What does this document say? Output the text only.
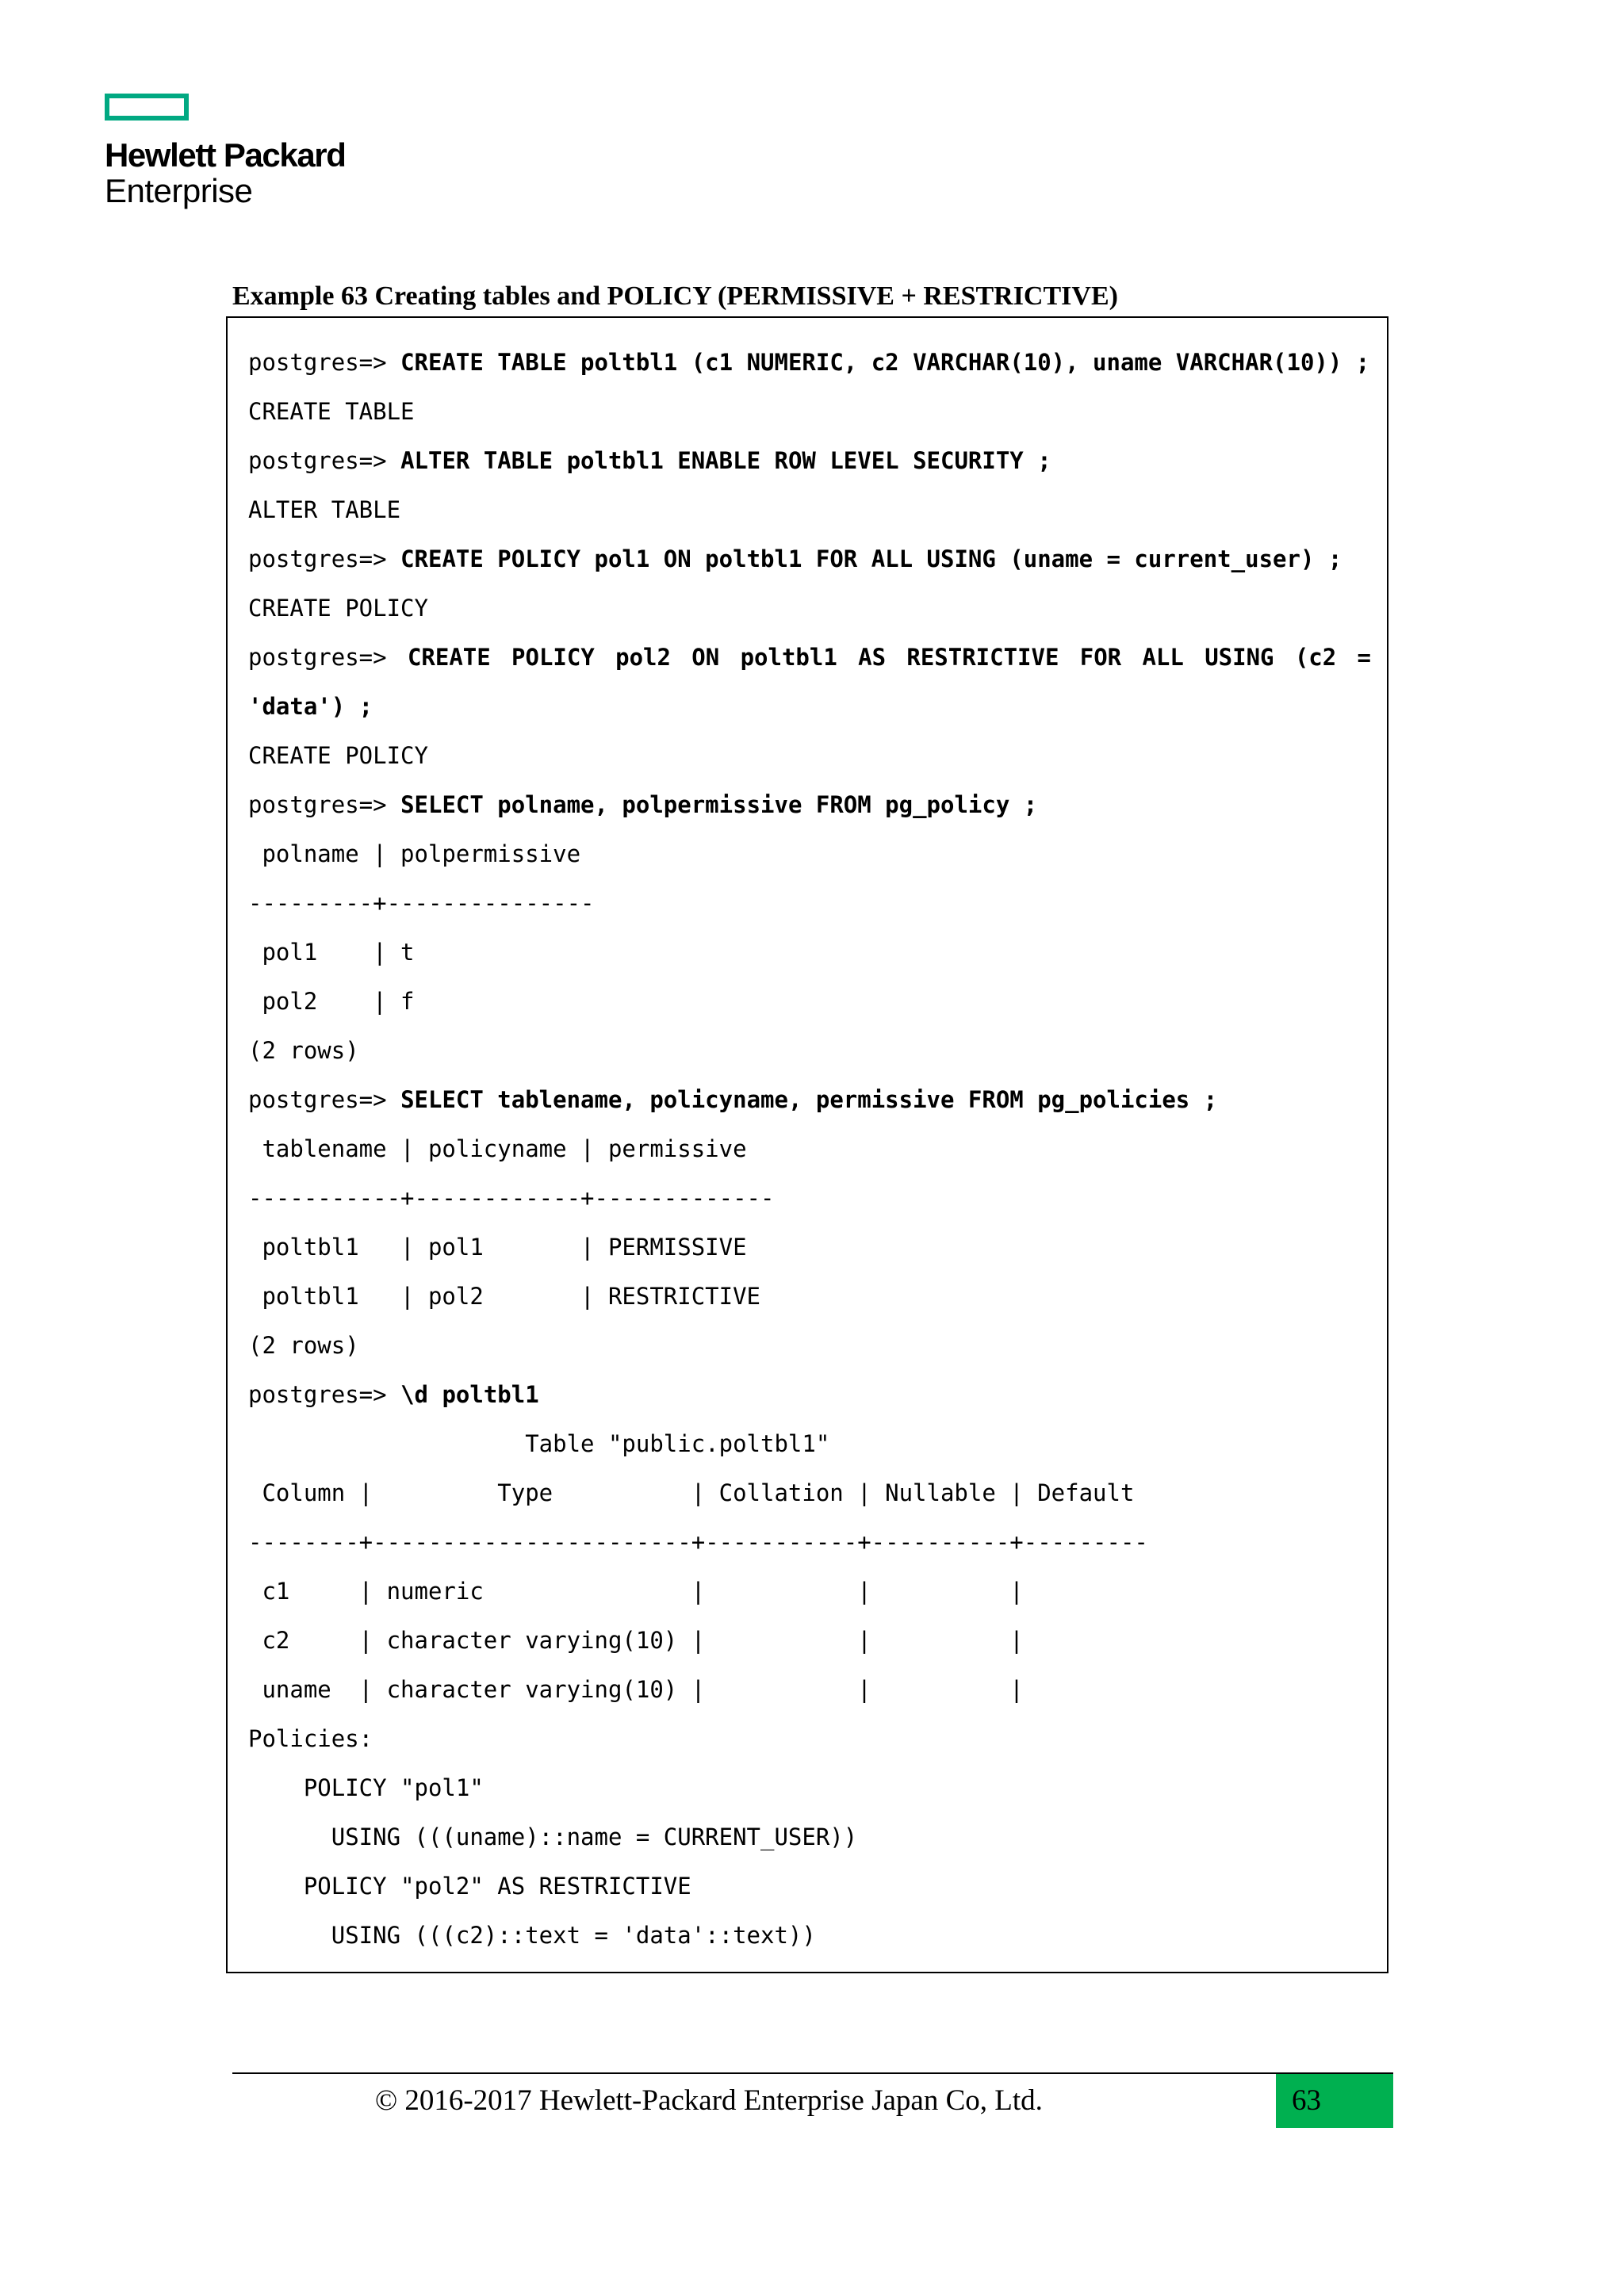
Hewlett Packard
Enterprise
Example 63 Creating tables and POLICY (PERMISSIVE + RESTRICTIVE)
postgres=> CREATE TABLE poltbl1 (c1 NUMERIC, c2 VARCHAR(10), uname VARCHAR(10)) ;
CREATE TABLE
postgres=> ALTER TABLE poltbl1 ENABLE ROW LEVEL SECURITY ;
ALTER TABLE
postgres=> CREATE POLICY pol1 ON poltbl1 FOR ALL USING (uname = current_user) ;
CREATE POLICY
postgres=> CREATE POLICY pol2 ON poltbl1 AS RESTRICTIVE FOR ALL USING (c2 =
'data') ;
CREATE POLICY
postgres=> SELECT polname, polpermissive FROM pg_policy ;
polname | polpermissive
---------+---------------
pol1    | t
pol2    | f
(2 rows)
postgres=> SELECT tablename, policyname, permissive FROM pg_policies ;
tablename | policyname | permissive
-----------+------------+-------------
poltbl1   | pol1       | PERMISSIVE
poltbl1   | pol2       | RESTRICTIVE
(2 rows)
postgres=> \d poltbl1
Table "public.poltbl1"
Column |         Type          | Collation | Nullable | Default
--------+-----------------------+-----------+----------+---------
c1     | numeric               |           |          |
c2     | character varying(10) |           |          |
uname  | character varying(10) |           |          |
Policies:
POLICY "pol1"
USING (((uname)::name = CURRENT_USER))
POLICY "pol2" AS RESTRICTIVE
USING (((c2)::text = 'data'::text))
© 2016-2017 Hewlett-Packard Enterprise Japan Co, Ltd.	63
